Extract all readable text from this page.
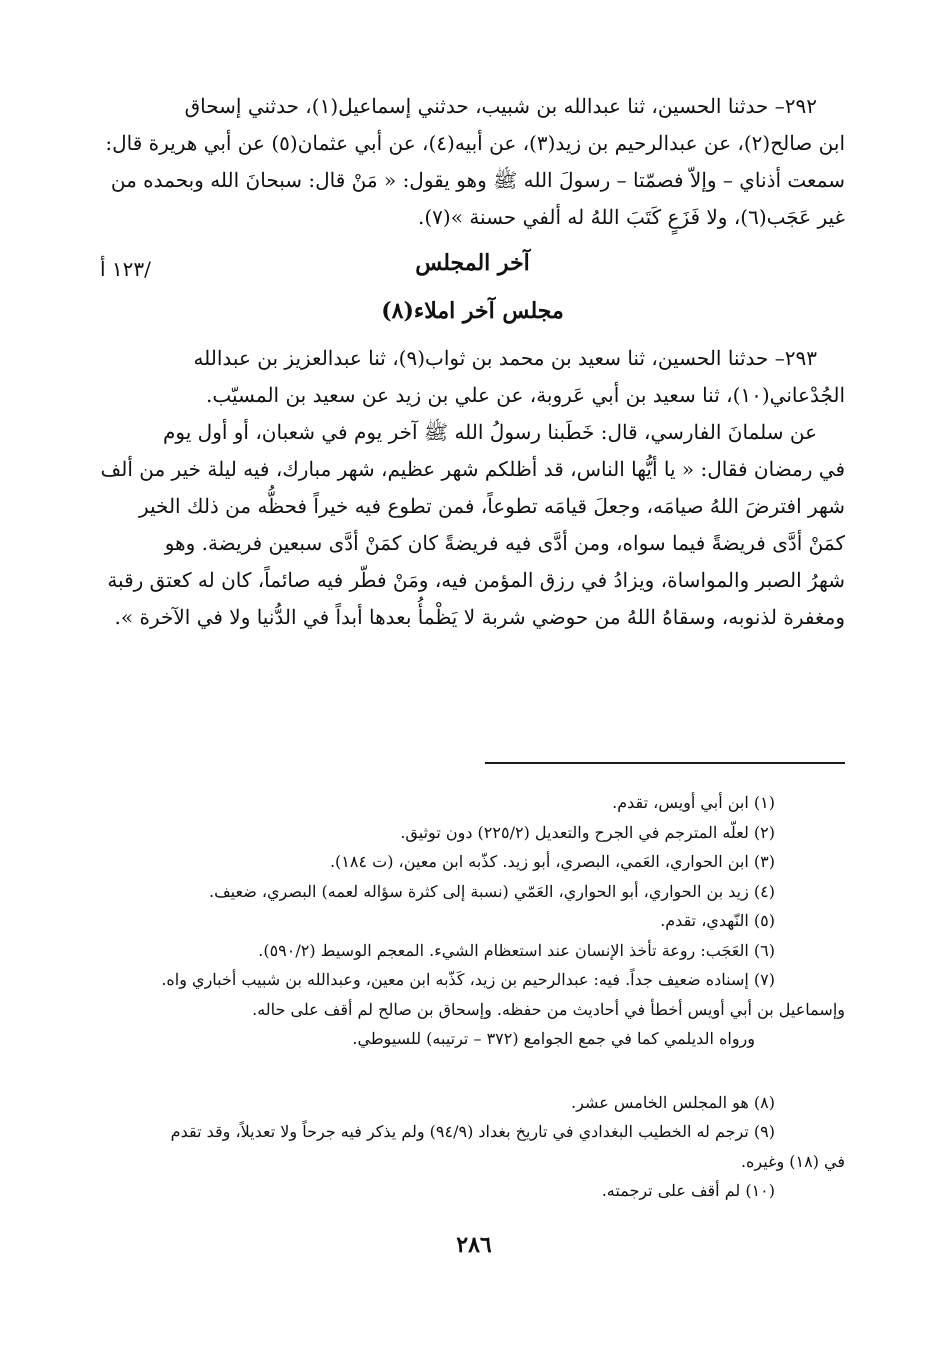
٢٩٢– حدثنا الحسين، ثنا عبدالله بن شبيب، حدثني إسماعيل(١)، حدثني إسحاق

ابن صالح(٢)، عن عبدالرحيم بن زيد(٣)، عن أبيه(٤)، عن أبي عثمان(٥) عن أبي هريرة قال:

سمعت أذناي – وإلاّ فصمّتا – رسولَ الله ﷺ وهو يقول: « مَنْ قال: سبحانَ الله وبحمده من

غير عَجَب(٦)، ولا فَزَعٍ كَتَبَ اللهُ له ألفي حسنة »(٧).

آخر المجلس

مجلس آخر املاء(٨)

٢٩٣– حدثنا الحسين، ثنا سعيد بن محمد بن ثواب(٩)، ثنا عبدالعزيز بن عبدالله

الجُدْعاني(١٠)، ثنا سعيد بن أبي عَروبة، عن علي بن زيد عن سعيد بن المسيّب.

عن سلمانَ الفارسي، قال: خَطَبنا رسولُ الله ﷺ آخر يوم في شعبان، أو أول يوم

في رمضان فقال: « يا أيُّها الناس، قد أظلكم شهر عظيم، شهر مبارك، فيه ليلة خير من ألف

شهر افترضَ اللهُ صيامَه، وجعلَ قيامَه تطوعاً، فمن تطوع فيه خيراً فحظُّه من ذلك الخير

كمَنْ أدَّى فريضةً فيما سواه، ومن أدَّى فيه فريضةً كان كمَنْ أدَّى سبعين فريضة. وهو

شهرُ الصبر والمواساة، ويزادُ في رزق المؤمن فيه، ومَنْ فطّر فيه صائماً، كان له كعتق رقبة

ومغفرة لذنوبه، وسقاهُ اللهُ من حوضي شربة لا يَظْمأُ بعدها أبداً في الدُّنيا ولا في الآخرة ».

/١٢٣ أ
(١) ابن أبي أويس، تقدم.
(٢) لعلّه المترجم في الجرح والتعديل (٢٢٥/٢) دون توثيق.
(٣) ابن الحواري، العَمي، البصري، أبو زيد. كذّبه ابن معين، (ت ١٨٤).
(٤) زيد بن الحواري، أبو الحواري، العَمّي (نسبة إلى كثرة سؤاله لعمه) البصري، ضعيف.
(٥) النّهدي، تقدم.
(٦) العَجَب: روعة تأخذ الإنسان عند استعظام الشيء. المعجم الوسيط (٥٩٠/٢).
(٧) إسناده ضعيف جداً. فيه: عبدالرحيم بن زيد، كَذّبه ابن معين، وعبدالله بن شبيب أخباري واه.
وإسماعيل بن أبي أويس أخطأ في أحاديث من حفظه. وإسحاق بن صالح لم أقف على حاله.
ورواه الديلمي كما في جمع الجوامع (٣٧٢ – ترتيبه) للسيوطي.
(٨) هو المجلس الخامس عشر.
(٩) ترجم له الخطيب البغدادي في تاريخ بغداد (٩٤/٩) ولم يذكر فيه جرحاً ولا تعديلاً، وقد تقدم
في (١٨) وغيره.
(١٠) لم أقف على ترجمته.
٢٨٦
